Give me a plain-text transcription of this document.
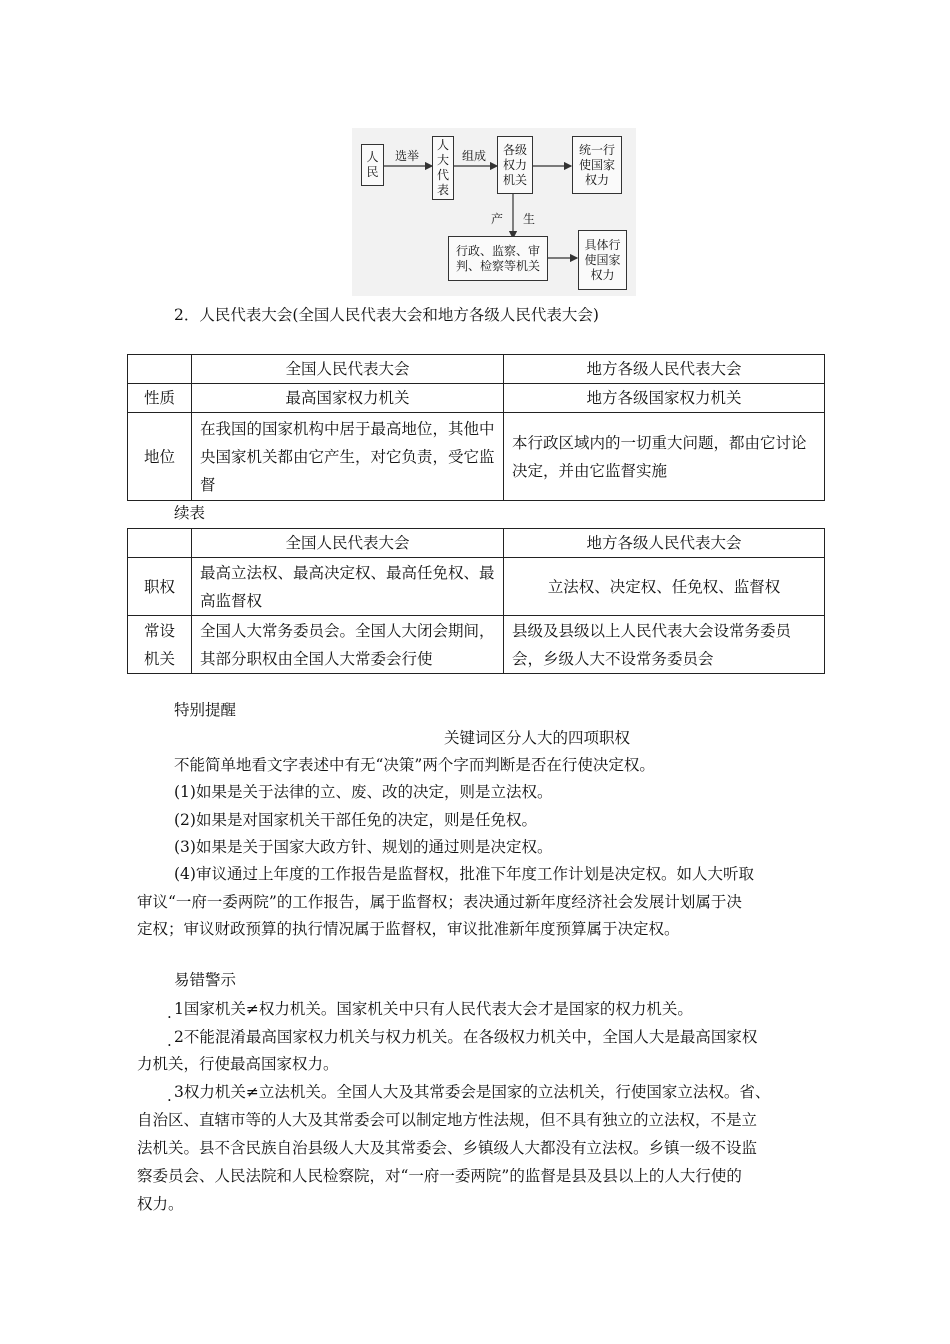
人民
选举
人大代表
组成 各级权力机关
统一行使国家权力
产 生
行政、监察、审判、检察等机关
具体行使国家权力

2．人民代表大会(全国人民代表大会和地方各级人民代表大会)

	全国人民代表大会	地方各级人民代表大会
性质	最高国家权力机关	地方各级国家权力机关
地位	在我国的国家机构中居于最高地位，其他中央国家机关都由它产生，对它负责，受它监督	本行政区域内的一切重大问题，都由它讨论决定，并由它监督实施

续表

	全国人民代表大会	地方各级人民代表大会
职权	最高立法权、最高决定权、最高任免权、最高监督权	立法权、决定权、任免权、监督权
常设机关	全国人大常务委员会。全国人大闭会期间，其部分职权由全国人大常委会行使	县级及县级以上人民代表大会设常务委员会，乡级人大不设常务委员会

特别提醒

关键词区分人大的四项职权

不能简单地看文字表述中有无“决策”两个字而判断是否在行使决定权。

(1)如果是关于法律的立、废、改的决定，则是立法权。

(2)如果是对国家机关干部任免的决定，则是任免权。

(3)如果是关于国家大政方针、规划的通过则是决定权。

(4)审议通过上年度的工作报告是监督权，批准下年度工作计划是决定权。如人大听取

审议“一府一委两院”的工作报告，属于监督权；表决通过新年度经济社会发展计划属于决

定权；审议财政预算的执行情况属于监督权，审议批准新年度预算属于决定权。

易错警示

. 1国家机关≠权力机关。国家机关中只有人民代表大会才是国家的权力机关。

. 2不能混淆最高国家权力机关与权力机关。在各级权力机关中，全国人大是最高国家权

力机关，行使最高国家权力。

. 3权力机关≠立法机关。全国人大及其常委会是国家的立法机关，行使国家立法权。省、

自治区、直辖市等的人大及其常委会可以制定地方性法规，但不具有独立的立法权，不是立

法机关。县不含民族自治县级人大及其常委会、乡镇级人大都没有立法权。乡镇一级不设监

察委员会、人民法院和人民检察院，对“一府一委两院”的监督是县及县以上的人大行使的

权力。
